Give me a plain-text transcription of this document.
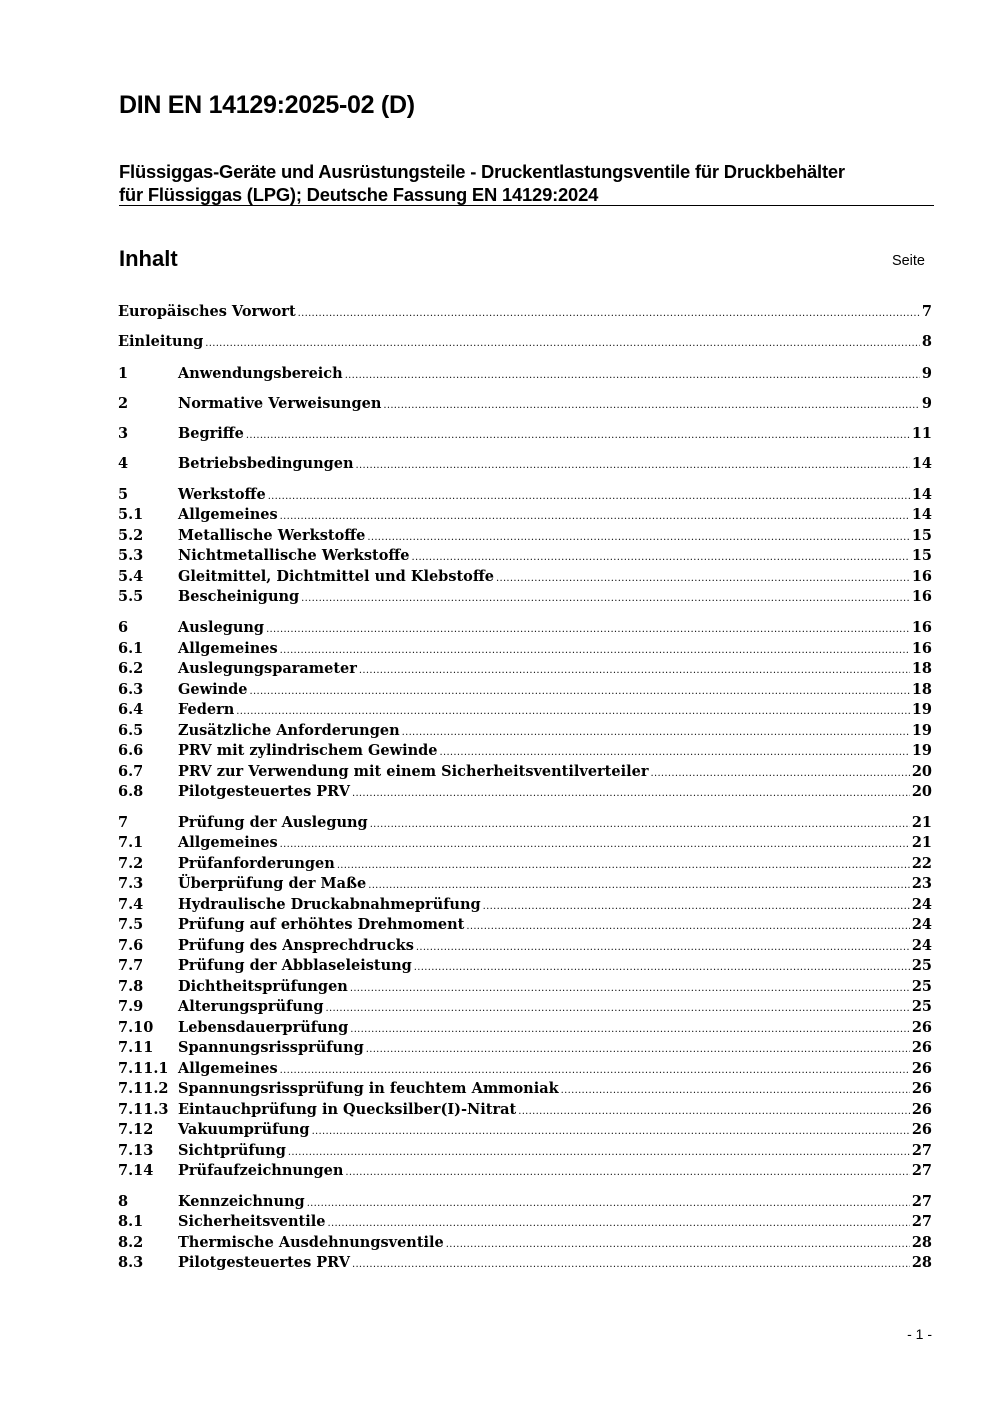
DIN EN 14129:2025-02 (D)
Flüssiggas-Geräte und Ausrüstungsteile - Druckentlastungsventile für Druckbehälter
für Flüssiggas (LPG); Deutsche Fassung EN 14129:2024
Inhalt	Seite
Europäisches Vorwort .....	7
Einleitung .....	8
1	Anwendungsbereich .....	9
2	Normative Verweisungen .....	9
3	Begriffe .....	11
4	Betriebsbedingungen .....	14
5	Werkstoffe .....	14
5.1	Allgemeines .....	14
5.2	Metallische Werkstoffe .....	15
5.3	Nichtmetallische Werkstoffe .....	15
5.4	Gleitmittel, Dichtmittel und Klebstoffe .....	16
5.5	Bescheinigung .....	16
6	Auslegung .....	16
6.1	Allgemeines .....	16
6.2	Auslegungsparameter .....	18
6.3	Gewinde .....	18
6.4	Federn .....	19
6.5	Zusätzliche Anforderungen .....	19
6.6	PRV mit zylindrischem Gewinde .....	19
6.7	PRV zur Verwendung mit einem Sicherheitsventilverteiler .....	20
6.8	Pilotgesteuertes PRV .....	20
7	Prüfung der Auslegung .....	21
7.1	Allgemeines .....	21
7.2	Prüfanforderungen .....	22
7.3	Überprüfung der Maße .....	23
7.4	Hydraulische Druckabnahmeprüfung .....	24
7.5	Prüfung auf erhöhtes Drehmoment .....	24
7.6	Prüfung des Ansprechdrucks .....	24
7.7	Prüfung der Abblaseleistung .....	25
7.8	Dichtheitsprüfungen .....	25
7.9	Alterungsprüfung .....	25
7.10	Lebensdauerprüfung .....	26
7.11	Spannungsrissprüfung .....	26
7.11.1 Allgemeines .....	26
7.11.2 Spannungsrissprüfung in feuchtem Ammoniak .....	26
7.11.3 Eintauchprüfung in Quecksilber(I)-Nitrat .....	26
7.12	Vakuumprüfung .....	26
7.13	Sichtprüfung .....	27
7.14	Prüfaufzeichnungen .....	27
8	Kennzeichnung .....	27
8.1	Sicherheitsventile .....	27
8.2	Thermische Ausdehnungsventile .....	28
8.3	Pilotgesteuertes PRV .....	28
- 1 -
